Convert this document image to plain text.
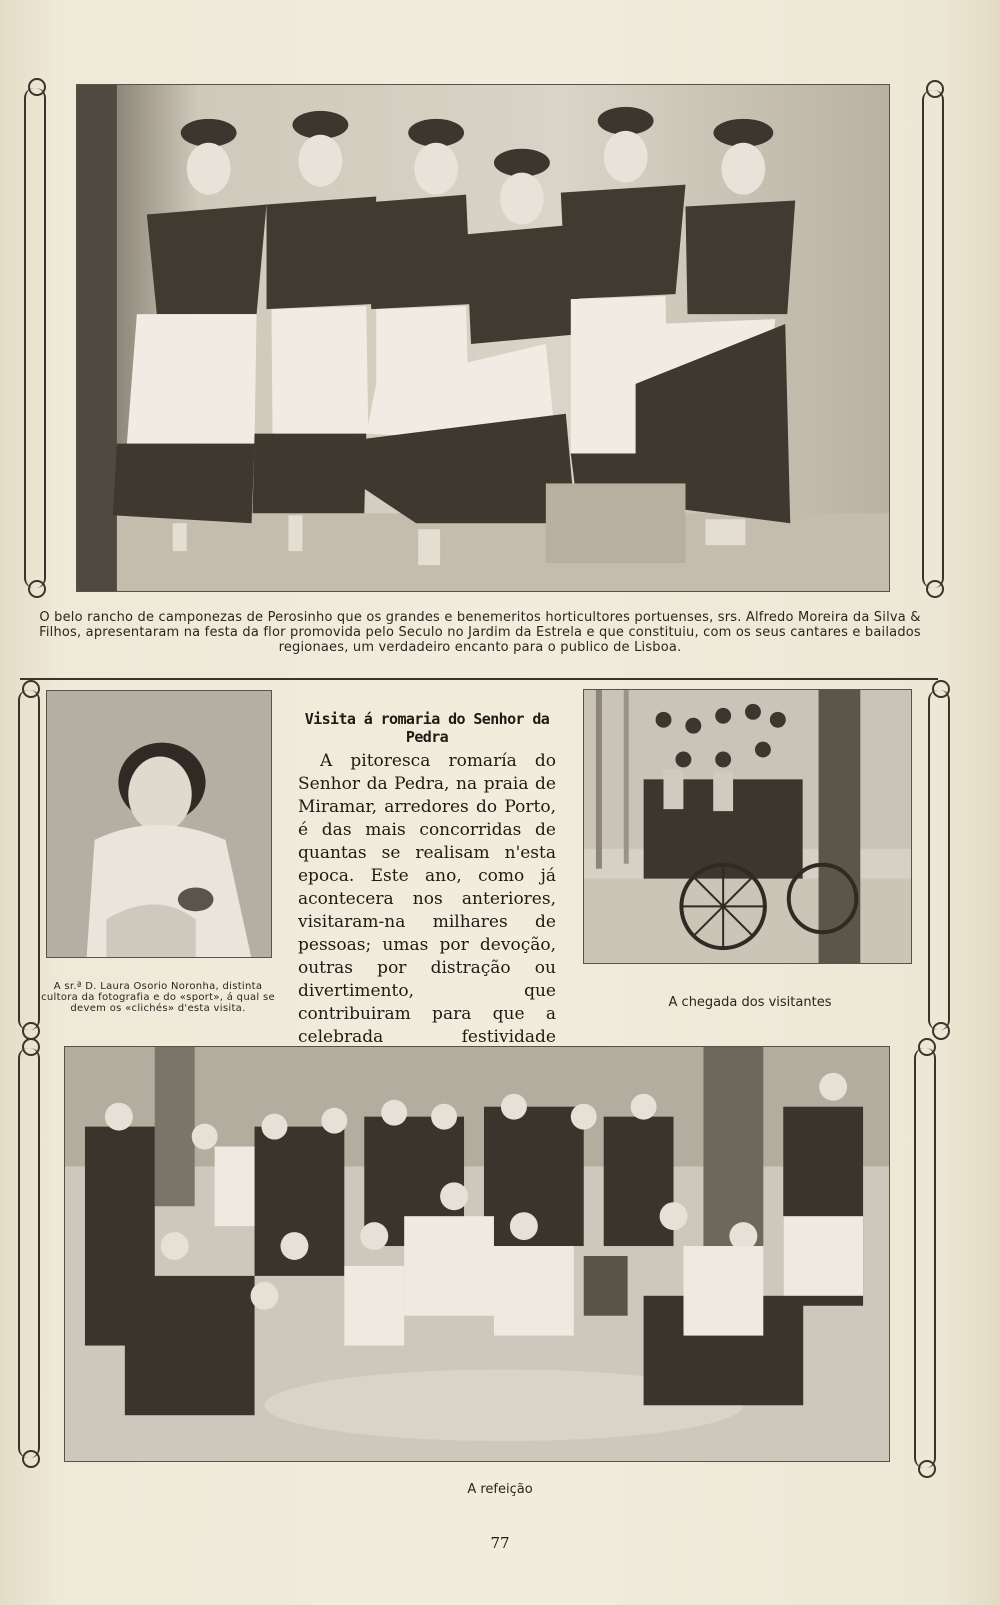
O belo rancho de camponezas de Perosinho que os grandes e benemeritos horticultores portuenses, srs. Alfredo Moreira da Silva & Filhos, apresentaram na festa da flor promovida pelo Seculo no Jardim da Estrela e que constituiu, com os seus cantares e bailados regionaes, um verdadeiro encanto para o publico de Lisboa.
A sr.ª D. Laura Osorio Noronha, distinta cultora da fotografia e do «sport», á qual se devem os «clichés» d'esta visita.
Visita á romaria do Senhor da Pedra
A pitoresca romaría do Senhor da Pedra, na praia de Miramar, arredores do Porto, é das mais concorridas de quantas se realisam n'esta epoca. Este ano, como já acontecera nos anteriores, visitaram-na milhares de pessoas; umas por devoção, outras por distração ou divertimento, que contribuiram para que a celebrada festividade
A chegada dos visitantes
A refeição
77
